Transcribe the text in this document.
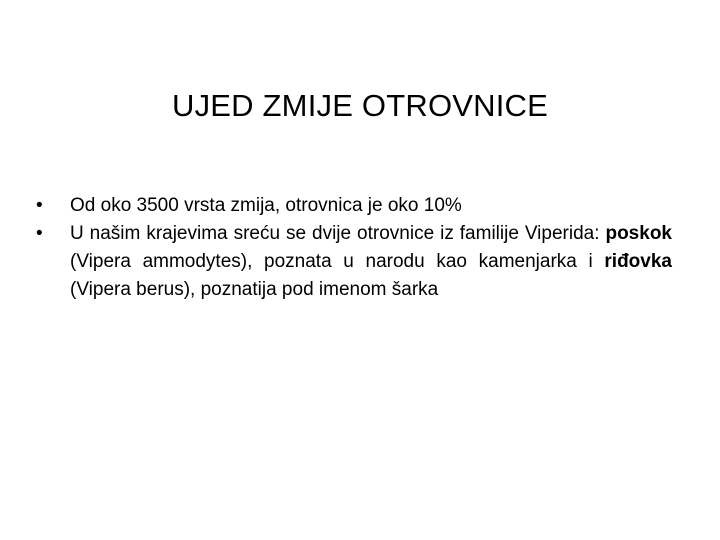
UJED ZMIJE OTROVNICE
•	Od oko 3500 vrsta zmija, otrovnica je oko 10%
•	U našim krajevima sreću se dvije otrovnice iz familije Viperida: poskok (Vipera ammodytes), poznata u narodu kao kamenjarka i riđovka (Vipera berus), poznatija pod imenom šarka
